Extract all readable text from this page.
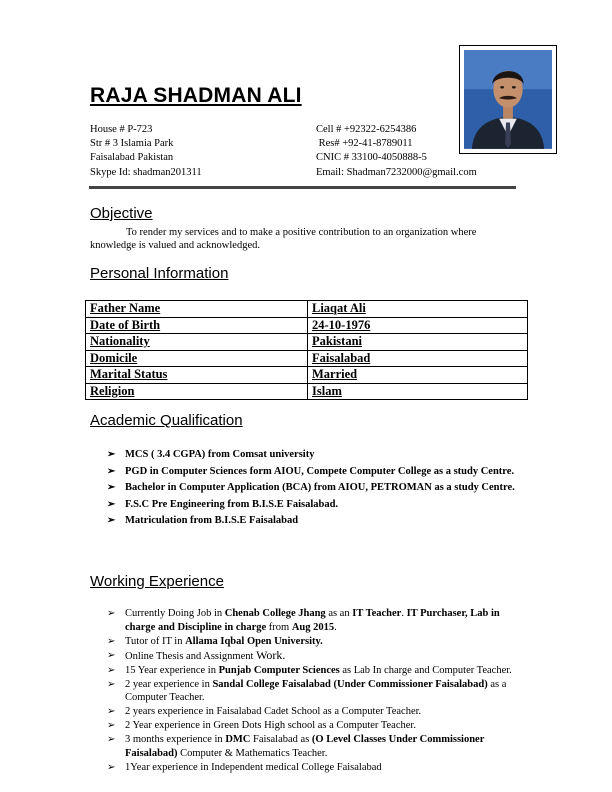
RAJA SHADMAN ALI
House # P-723
Str # 3 Islamia Park
Faisalabad Pakistan
Skype Id: shadman201311
Cell # +92322-6254386
Res# +92-41-8789011
CNIC # 33100-4050888-5
Email: Shadman7232000@gmail.com
Objective
To render my services and to make a positive contribution to an organization where knowledge is valued and acknowledged.
Personal Information
Father Name	Liaqat Ali
Date of Birth	24-10-1976
Nationality	Pakistani
Domicile	Faisalabad
Marital Status	Married
Religion	Islam
Academic Qualification
➢ MCS ( 3.4 CGPA) from Comsat university
➢ PGD in Computer Sciences form AIOU, Compete Computer College as a study Centre.
➢ Bachelor in Computer Application (BCA) from AIOU, PETROMAN as a study Centre.
➢ F.S.C Pre Engineering from B.I.S.E Faisalabad.
➢ Matriculation from B.I.S.E Faisalabad
Working Experience
➢ Currently Doing Job in Chenab College Jhang as an IT Teacher. IT Purchaser, Lab in charge and Discipline in charge from Aug 2015.
➢ Tutor of IT in Allama Iqbal Open University.
➢ Online Thesis and Assignment Work.
➢ 15 Year experience in Punjab Computer Sciences as Lab In charge and Computer Teacher.
➢ 2 year experience in Sandal College Faisalabad (Under Commissioner Faisalabad) as a Computer Teacher.
➢ 2 years experience in Faisalabad Cadet School as a Computer Teacher.
➢ 2 Year experience in Green Dots High school as a Computer Teacher.
➢ 3 months experience in DMC Faisalabad as (O Level Classes Under Commissioner Faisalabad) Computer & Mathematics Teacher.
➢ 1Year experience in Independent medical College Faisalabad
